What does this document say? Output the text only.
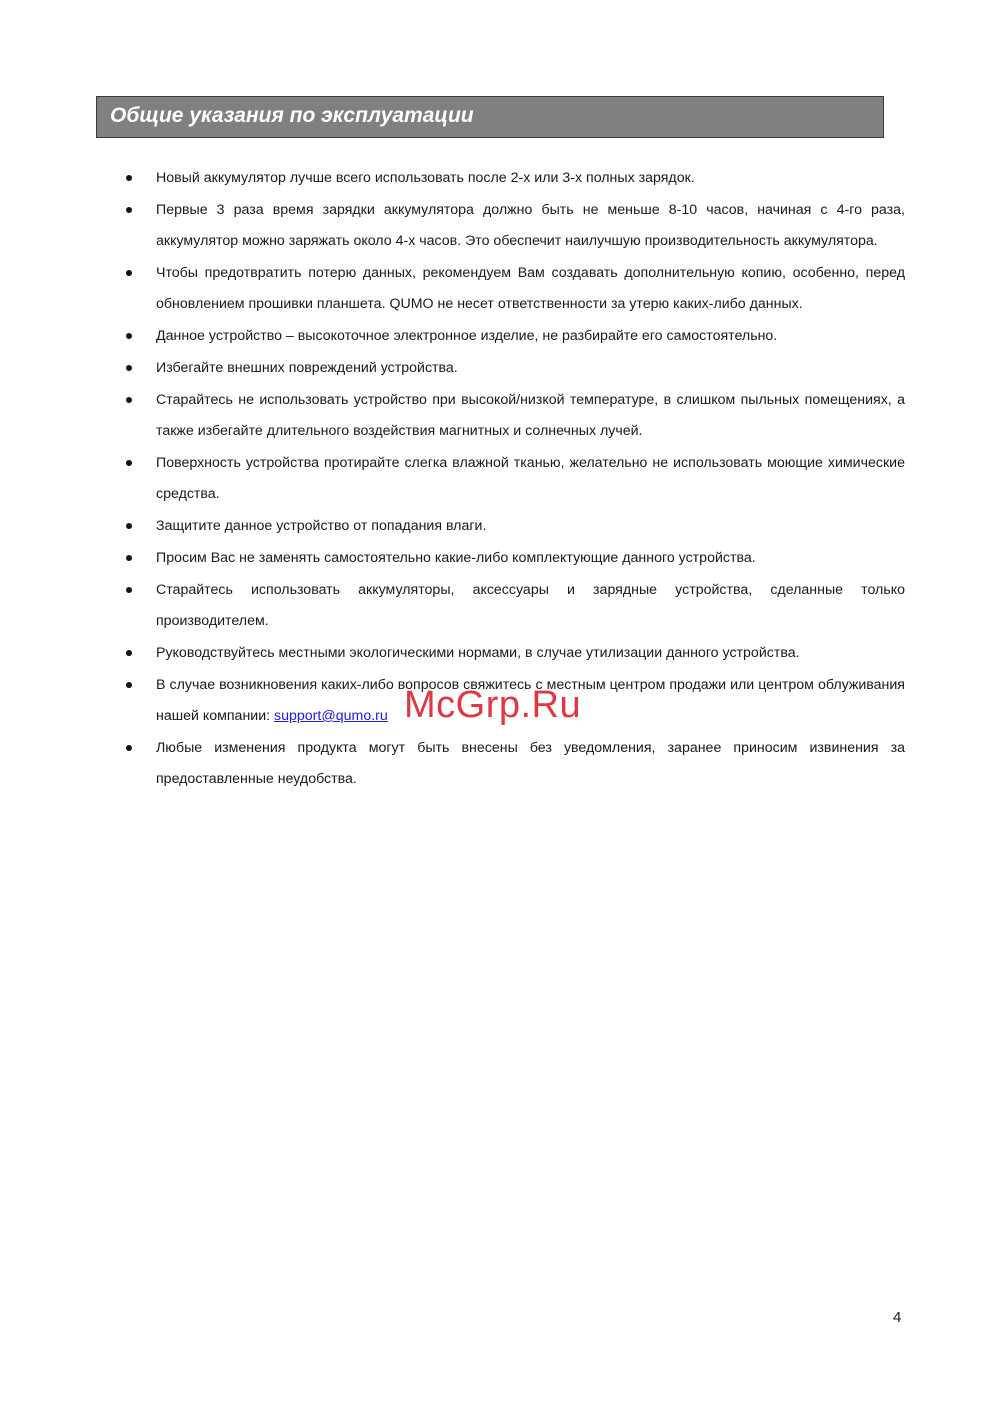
Общие указания по эксплуатации
Новый аккумулятор лучше всего использовать после 2-х или 3-х полных зарядок.
Первые 3 раза время зарядки аккумулятора должно быть не меньше 8-10 часов, начиная с 4-го раза, аккумулятор можно заряжать около 4-х часов. Это обеспечит наилучшую производительность аккумулятора.
Чтобы предотвратить потерю данных, рекомендуем Вам создавать дополнительную копию, особенно, перед обновлением прошивки планшета. QUMO не несет ответственности за утерю каких-либо данных.
Данное устройство – высокоточное электронное изделие, не разбирайте его самостоятельно.
Избегайте внешних повреждений устройства.
Старайтесь не использовать устройство при высокой/низкой температуре, в слишком пыльных помещениях, а также избегайте длительного воздействия магнитных и солнечных лучей.
Поверхность устройства протирайте слегка влажной тканью, желательно не использовать моющие химические средства.
Защитите данное устройство от попадания влаги.
Просим Вас не заменять самостоятельно какие-либо комплектующие данного устройства.
Старайтесь использовать аккумуляторы, аксессуары и зарядные устройства, сделанные только производителем.
Руководствуйтесь местными экологическими нормами, в случае утилизации данного устройства.
В случае возникновения каких-либо вопросов свяжитесь с местным центром продажи или центром облуживания нашей компании: support@qumo.ru
Любые изменения продукта могут быть внесены без уведомления, заранее приносим извинения за предоставленные неудобства.
McGrp.Ru
4
